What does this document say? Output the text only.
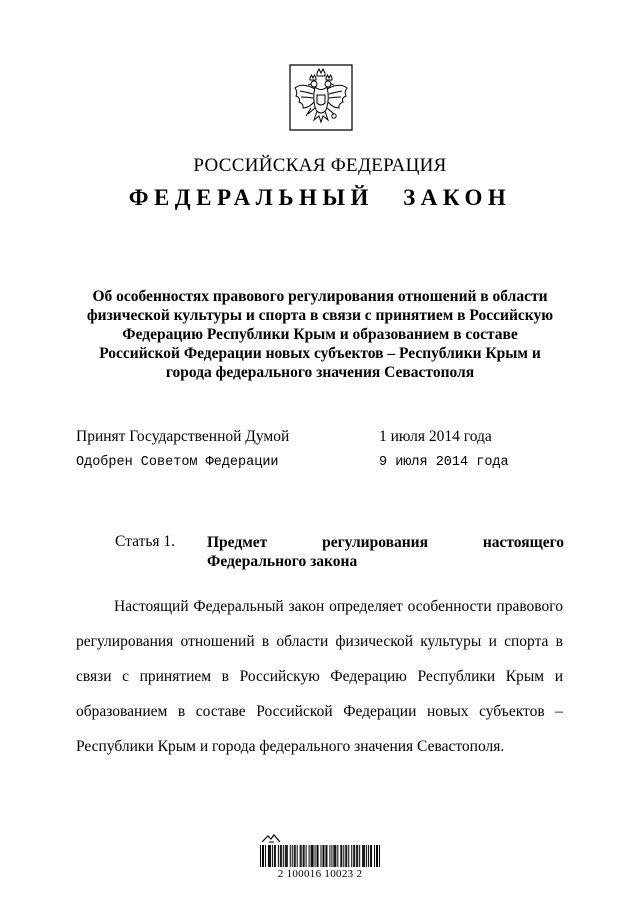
РОССИЙСКАЯ ФЕДЕРАЦИЯ
ФЕДЕРАЛЬНЫЙ ЗАКОН
Об особенностях правового регулирования отношений в области физической культуры и спорта в связи с принятием в Российскую Федерацию Республики Крым и образованием в составе Российской Федерации новых субъектов – Республики Крым и города федерального значения Севастополя
Принят Государственной Думой	1 июля 2014 года
Одобрен Советом Федерации	9 июля 2014 года
Статья 1. Предмет регулирования настоящего Федерального закона
Настоящий Федеральный закон определяет особенности правового регулирования отношений в области физической культуры и спорта в связи с принятием в Российскую Федерацию Республики Крым и образованием в составе Российской Федерации новых субъектов – Республики Крым и города федерального значения Севастополя.
2 100016 10023 2
